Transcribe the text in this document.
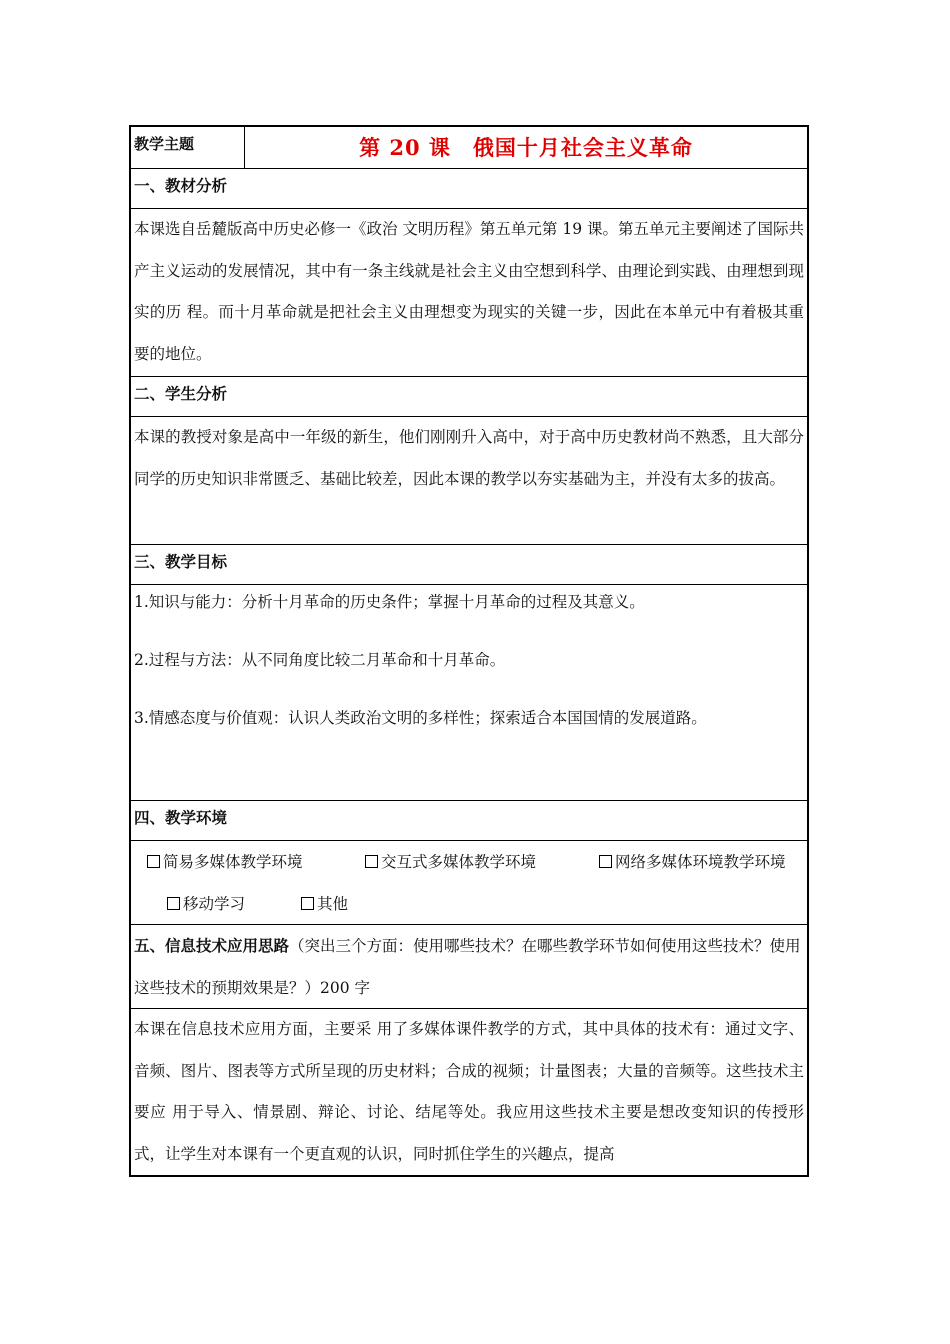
教学主题	第 20 课　俄国十月社会主义革命
一、教材分析
本课选自岳麓版高中历史必修一《政治 文明历程》第五单元第 19 课。第五单元主要阐述了国际共产主义运动的发展情况，其中有一条主线就是社会主义由空想到科学、由理论到实践、由理想到现实的历 程。而十月革命就是把社会主义由理想变为现实的关键一步，因此在本单元中有着极其重要的地位。
二、学生分析
本课的教授对象是高中一年级的新生，他们刚刚升入高中，对于高中历史教材尚不熟悉，且大部分同学的历史知识非常匮乏、基础比较差，因此本课的教学以夯实基础为主，并没有太多的拔高。
三、教学目标
1.知识与能力：分析十月革命的历史条件；掌握十月革命的过程及其意义。
2.过程与方法：从不同角度比较二月革命和十月革命。
3.情感态度与价值观：认识人类政治文明的多样性；探索适合本国国情的发展道路。
四、教学环境
简易多媒体教学环境	交互式多媒体教学环境	网络多媒体环境教学环境
移动学习	其他
五、信息技术应用思路（突出三个方面：使用哪些技术？在哪些教学环节如何使用这些技术？使用这些技术的预期效果是？）200 字
本课在信息技术应用方面，主要采 用了多媒体课件教学的方式，其中具体的技术有：通过文字、音频、图片、图表等方式所呈现的历史材料；合成的视频；计量图表；大量的音频等。这些技术主要应 用于导入、情景剧、辩论、讨论、结尾等处。我应用这些技术主要是想改变知识的传授形式，让学生对本课有一个更直观的认识，同时抓住学生的兴趣点，提高
